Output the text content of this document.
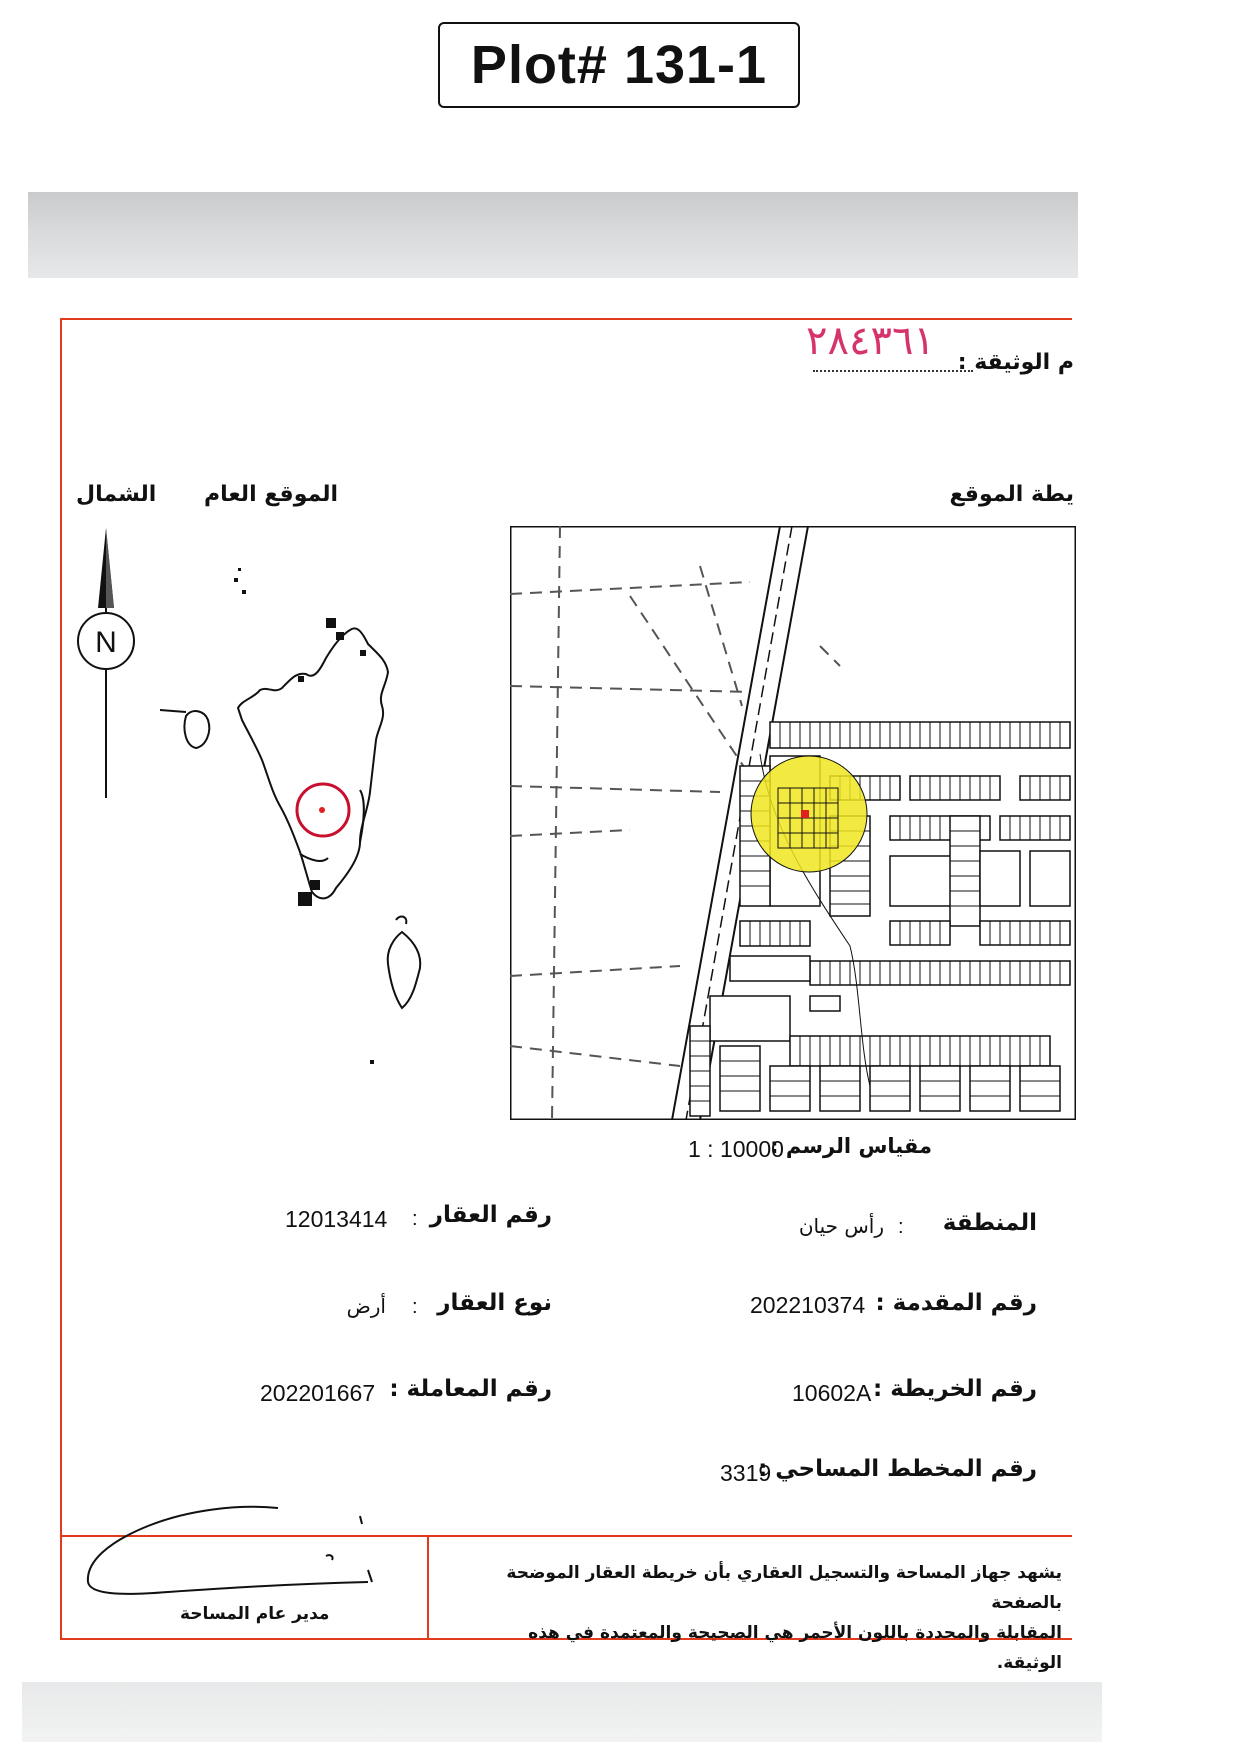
Plot# 131-1
م الوثيقة :
٢٨٤٣٦١
الشمال الموقع العام	يطة الموقع
N
مقياس الرسم :
1 : 10000
المنطقة
:
رأس حيان
رقم العقار
:
12013414
رقم المقدمة :
202210374
نوع العقار
:
أرض
رقم الخريطة :
10602A
رقم المعاملة :
202201667
رقم المخطط المساحي :
3319
يشهد جهاز المساحة والتسجيل العقاري بأن خريطة العقار الموضحة بالصفحة
المقابلة والمحددة باللون الأحمر هي الصحيحة والمعتمدة في هذه الوثيقة.
مدير عام المساحة
